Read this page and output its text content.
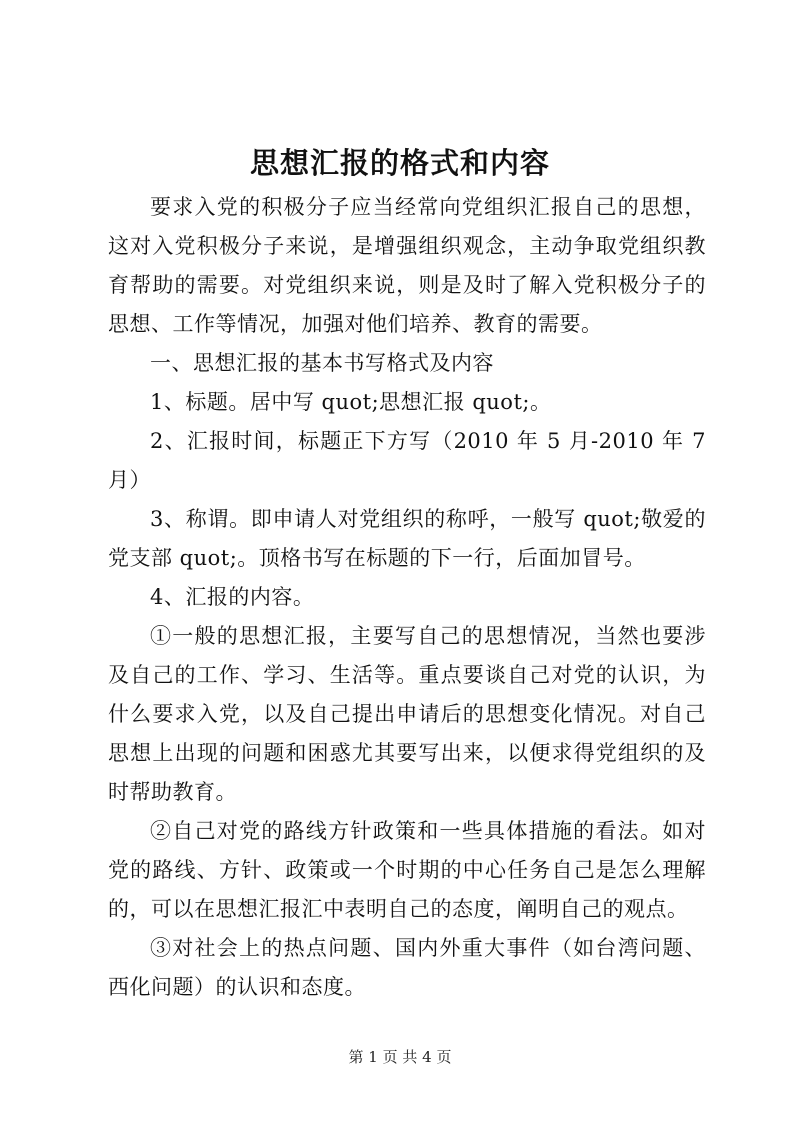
思想汇报的格式和内容

要求入党的积极分子应当经常向党组织汇报自己的思想，这对入党积极分子来说，是增强组织观念，主动争取党组织教育帮助的需要。对党组织来说，则是及时了解入党积极分子的思想、工作等情况，加强对他们培养、教育的需要。

一、思想汇报的基本书写格式及内容

1、标题。居中写 quot;思想汇报 quot;。

2、汇报时间，标题正下方写（2010 年 5 月-2010 年 7 月）

3、称谓。即申请人对党组织的称呼，一般写 quot;敬爱的党支部 quot;。顶格书写在标题的下一行，后面加冒号。

4、汇报的内容。

①一般的思想汇报，主要写自己的思想情况，当然也要涉及自己的工作、学习、生活等。重点要谈自己对党的认识，为什么要求入党，以及自己提出申请后的思想变化情况。对自己思想上出现的问题和困惑尤其要写出来，以便求得党组织的及时帮助教育。

②自己对党的路线方针政策和一些具体措施的看法。如对党的路线、方针、政策或一个时期的中心任务自己是怎么理解的，可以在思想汇报汇中表明自己的态度，阐明自己的观点。

③对社会上的热点问题、国内外重大事件（如台湾问题、西化问题）的认识和态度。

第 1 页 共 4 页
